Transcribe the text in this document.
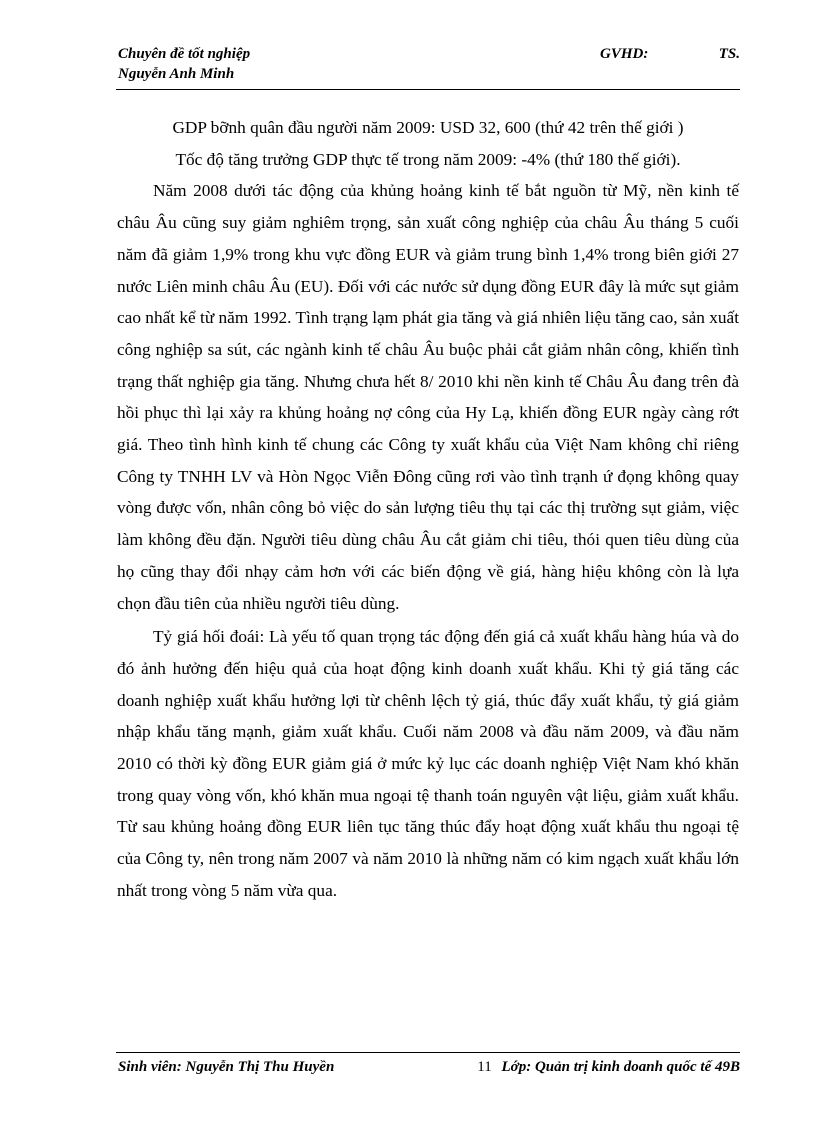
Chuyên đề tốt nghiệp	GVHD:	TS.
Nguyễn Anh Minh

GDP bỡnh quân đầu người năm 2009: USD 32, 600 (thứ 42 trên thế giới )

Tốc độ tăng trưởng GDP thực tế trong năm 2009: -4% (thứ 180 thế giới).

Năm 2008 dưới tác động của khủng hoảng kinh tế bắt nguồn từ Mỹ, nền kinh tế châu Âu cũng suy giảm nghiêm trọng, sản xuất công nghiệp của châu Âu tháng 5 cuối năm đã giảm 1,9% trong khu vực đồng EUR và giảm trung bình 1,4% trong biên giới 27 nước Liên minh châu Âu (EU). Đối với các nước sử dụng đồng EUR đây là mức sụt giảm cao nhất kể từ năm 1992. Tình trạng lạm phát gia tăng và giá nhiên liệu tăng cao, sản xuất công nghiệp sa sút, các ngành kinh tế châu Âu buộc phải cắt giảm nhân công, khiến tình trạng thất nghiệp gia tăng. Nhưng chưa hết 8/ 2010 khi nền kinh tế Châu Âu đang trên đà hồi phục thì lại xảy ra khủng hoảng nợ công của Hy Lạ, khiến đồng EUR ngày càng rớt giá. Theo tình hình kinh tế chung các Công ty xuất khẩu của Việt Nam không chỉ riêng Công ty TNHH LV và Hòn Ngọc Viễn Đông cũng rơi vào tình trạnh ứ đọng không quay vòng được vốn, nhân công bỏ việc do sản lượng tiêu thụ tại các thị trường sụt giảm, việc làm không đều đặn. Người tiêu dùng châu Âu cắt giảm chi tiêu, thói quen tiêu dùng của họ cũng thay đổi nhạy cảm hơn với các biến động về giá, hàng hiệu không còn là lựa chọn đầu tiên của nhiều người tiêu dùng.

Tỷ giá hối đoái: Là yếu tố quan trọng tác động đến giá cả xuất khẩu hàng húa và do đó ảnh hưởng đến hiệu quả của hoạt động kinh doanh xuất khẩu. Khi tỷ giá tăng các doanh nghiệp xuất khẩu hưởng lợi từ chênh lệch tỷ giá, thúc đẩy xuất khẩu, tỷ giá giảm nhập khẩu tăng mạnh, giảm xuất khẩu. Cuối năm 2008 và đầu năm 2009, và đầu năm 2010 có thời kỳ đồng EUR giảm giá ở mức kỷ lục các doanh nghiệp Việt Nam khó khăn trong quay vòng vốn, khó khăn mua ngoại tệ thanh toán nguyên vật liệu, giảm xuất khẩu. Từ sau khủng hoảng đồng EUR liên tục tăng thúc đẩy hoạt động xuất khẩu thu ngoại tệ của Công ty, nên trong năm 2007 và năm 2010 là những năm có kim ngạch xuất khẩu lớn nhất trong vòng 5 năm vừa qua.

Sinh viên: Nguyễn Thị Thu Huyền	11 Lớp: Quản trị kinh doanh quốc tế 49B
